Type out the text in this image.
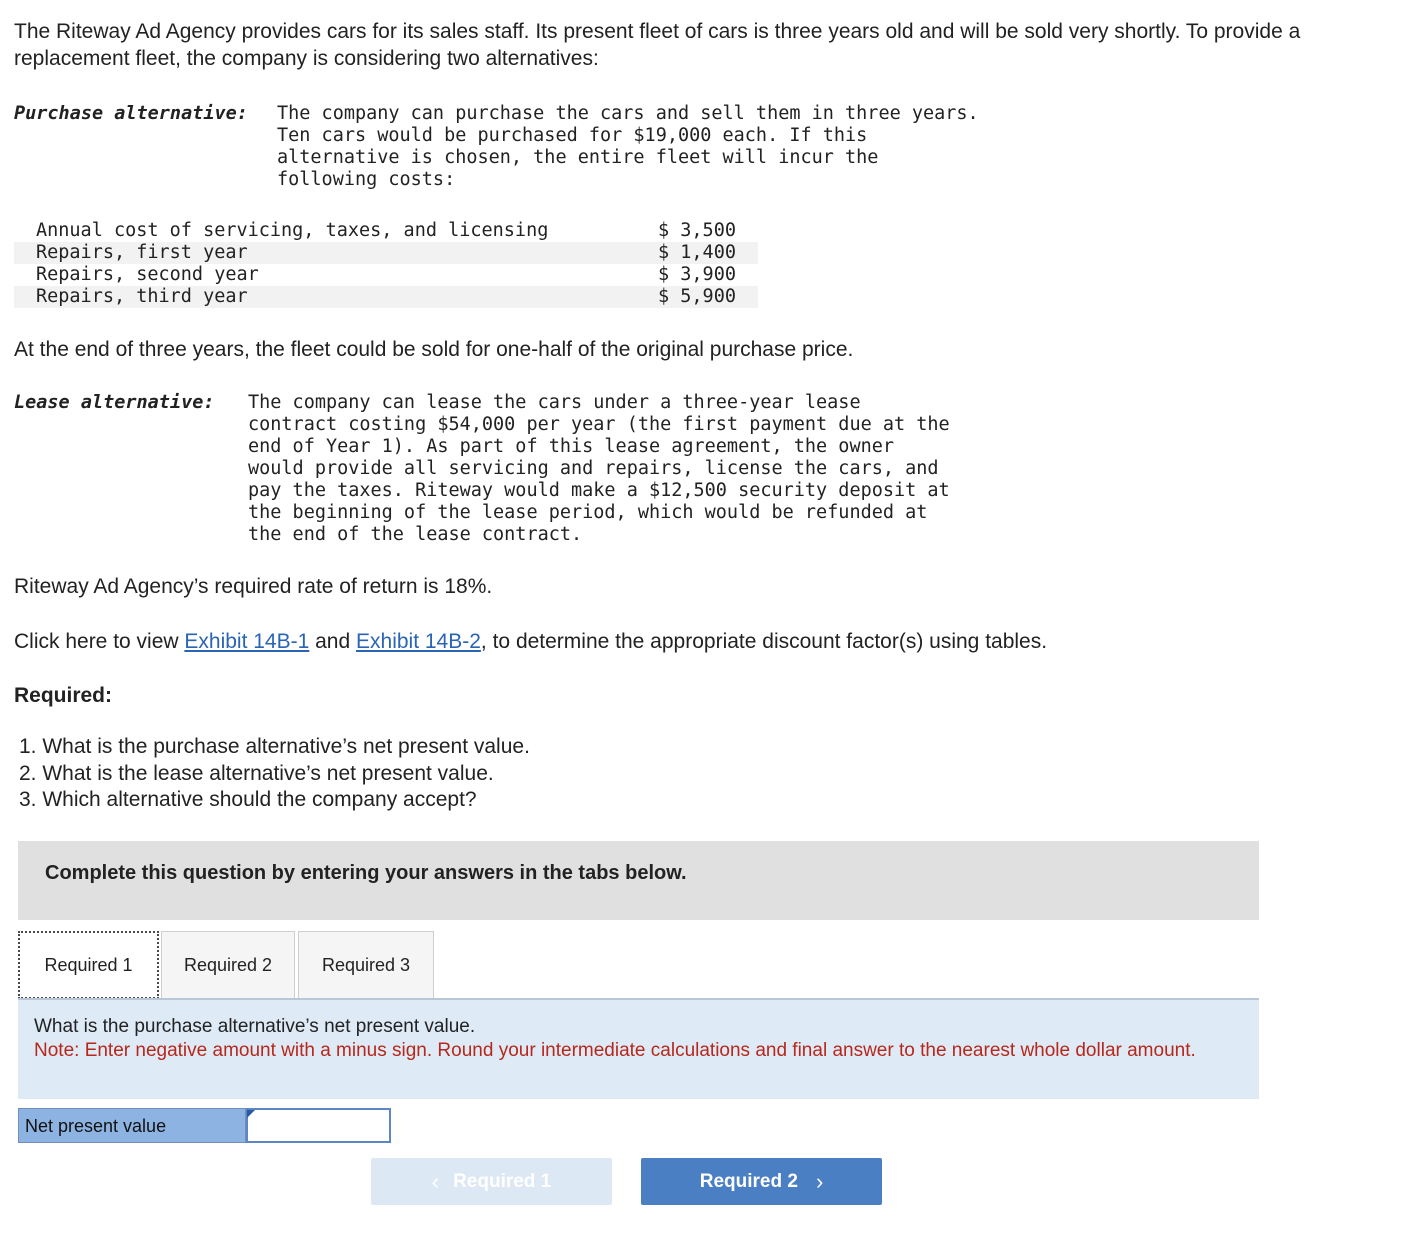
The Riteway Ad Agency provides cars for its sales staff. Its present fleet of cars is three years old and will be sold very shortly. To provide a replacement fleet, the company is considering two alternatives:
Purchase alternative: The company can purchase the cars and sell them in three years.
Ten cars would be purchased for $19,000 each. If this
alternative is chosen, the entire fleet will incur the
following costs:
Annual cost of servicing, taxes, and licensing	$ 3,500
Repairs, first year	$ 1,400
Repairs, second year	$ 3,900
Repairs, third year	$ 5,900
At the end of three years, the fleet could be sold for one-half of the original purchase price.
Lease alternative: The company can lease the cars under a three-year lease
contract costing $54,000 per year (the first payment due at the
end of Year 1). As part of this lease agreement, the owner
would provide all servicing and repairs, license the cars, and
pay the taxes. Riteway would make a $12,500 security deposit at
the beginning of the lease period, which would be refunded at
the end of the lease contract.
Riteway Ad Agency’s required rate of return is 18%.
Click here to view Exhibit 14B-1 and Exhibit 14B-2, to determine the appropriate discount factor(s) using tables.
Required:
1. What is the purchase alternative’s net present value.
2. What is the lease alternative’s net present value.
3. Which alternative should the company accept?
Complete this question by entering your answers in the tabs below.
Required 1	Required 2	Required 3
What is the purchase alternative’s net present value.
Note: Enter negative amount with a minus sign. Round your intermediate calculations and final answer to the nearest whole dollar amount.
Net present value
‹ Required 1	Required 2 ›
